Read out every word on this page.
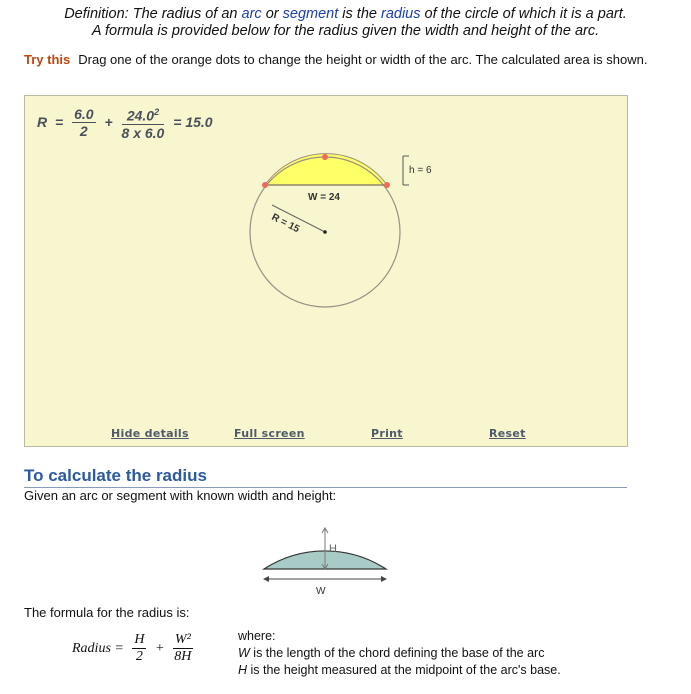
Definition: The radius of an arc or segment is the radius of the circle of which it is a part.
A formula is provided below for the radius given the width and height of the arc.
Try this Drag one of the orange dots to change the height or width of the arc. The calculated area is shown.
$R = \frac{6.0}{2} + \frac{24.0^2}{8 x 6.0} = 15.0$
W = 24
R = 15
h = 6
Hide details	Full screen	Print	Reset
To calculate the radius
Given an arc or segment with known width and height:
H
W
The formula for the radius is:
Radius = $\frac{H}{2} + \frac{\text{W²}}{8H}$	where:
W is the length of the chord defining the base of the arc
H is the height measured at the midpoint of the arc's base.
